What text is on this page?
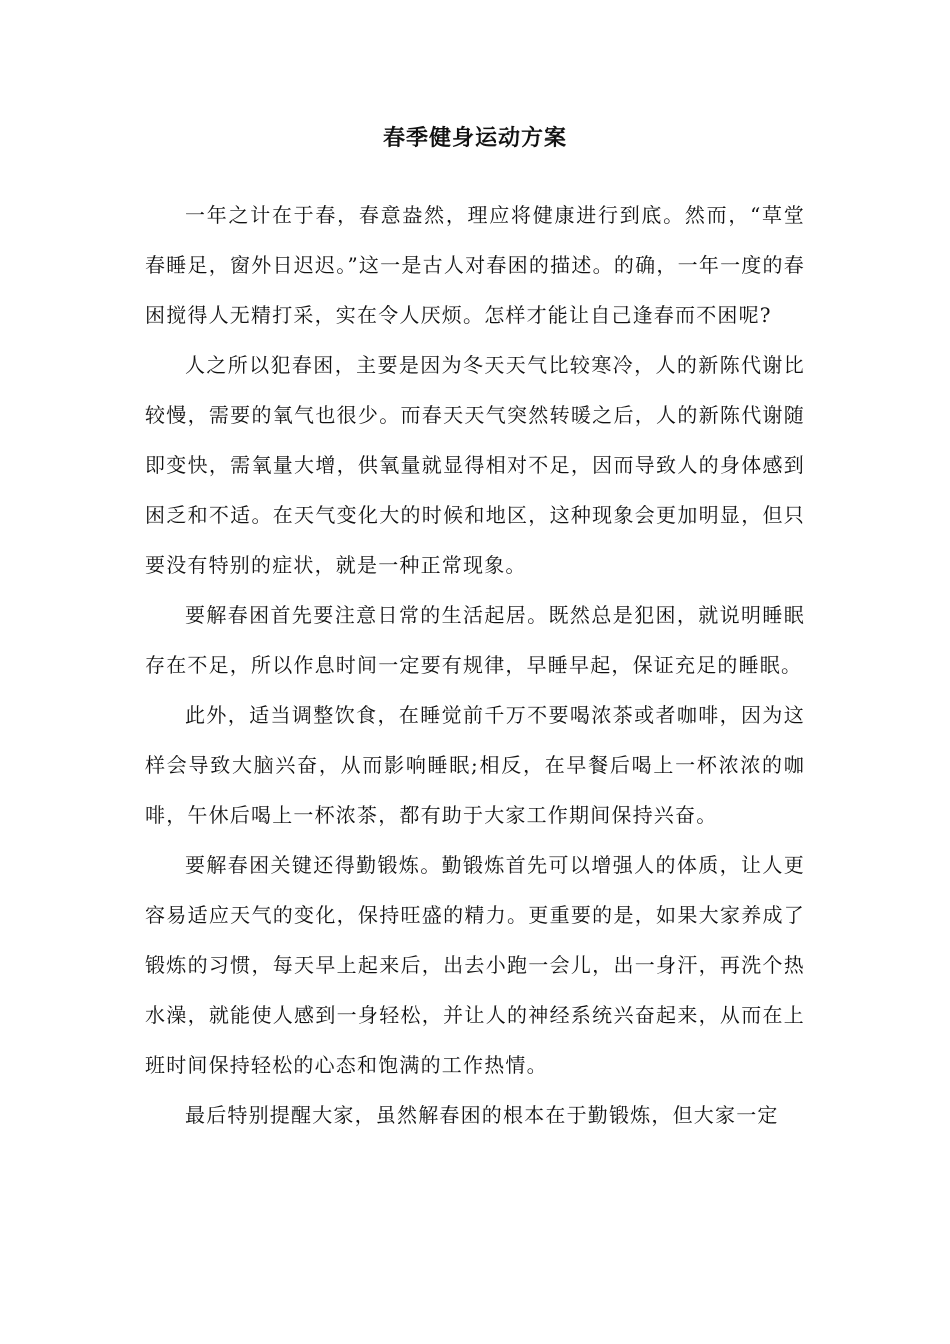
春季健身运动方案

一年之计在于春，春意盎然，理应将健康进行到底。然而，“草堂春睡足，窗外日迟迟。”这一是古人对春困的描述。的确，一年一度的春困搅得人无精打采，实在令人厌烦。怎样才能让自己逢春而不困呢?

人之所以犯春困，主要是因为冬天天气比较寒冷，人的新陈代谢比较慢，需要的氧气也很少。而春天天气突然转暖之后，人的新陈代谢随即变快，需氧量大增，供氧量就显得相对不足，因而导致人的身体感到困乏和不适。在天气变化大的时候和地区，这种现象会更加明显，但只要没有特别的症状，就是一种正常现象。

要解春困首先要注意日常的生活起居。既然总是犯困，就说明睡眠存在不足，所以作息时间一定要有规律，早睡早起，保证充足的睡眠。

此外，适当调整饮食，在睡觉前千万不要喝浓茶或者咖啡，因为这样会导致大脑兴奋，从而影响睡眠;相反，在早餐后喝上一杯浓浓的咖啡，午休后喝上一杯浓茶，都有助于大家工作期间保持兴奋。

要解春困关键还得勤锻炼。勤锻炼首先可以增强人的体质，让人更容易适应天气的变化，保持旺盛的精力。更重要的是，如果大家养成了锻炼的习惯，每天早上起来后，出去小跑一会儿，出一身汗，再洗个热水澡，就能使人感到一身轻松，并让人的神经系统兴奋起来，从而在上班时间保持轻松的心态和饱满的工作热情。

最后特别提醒大家，虽然解春困的根本在于勤锻炼，但大家一定
